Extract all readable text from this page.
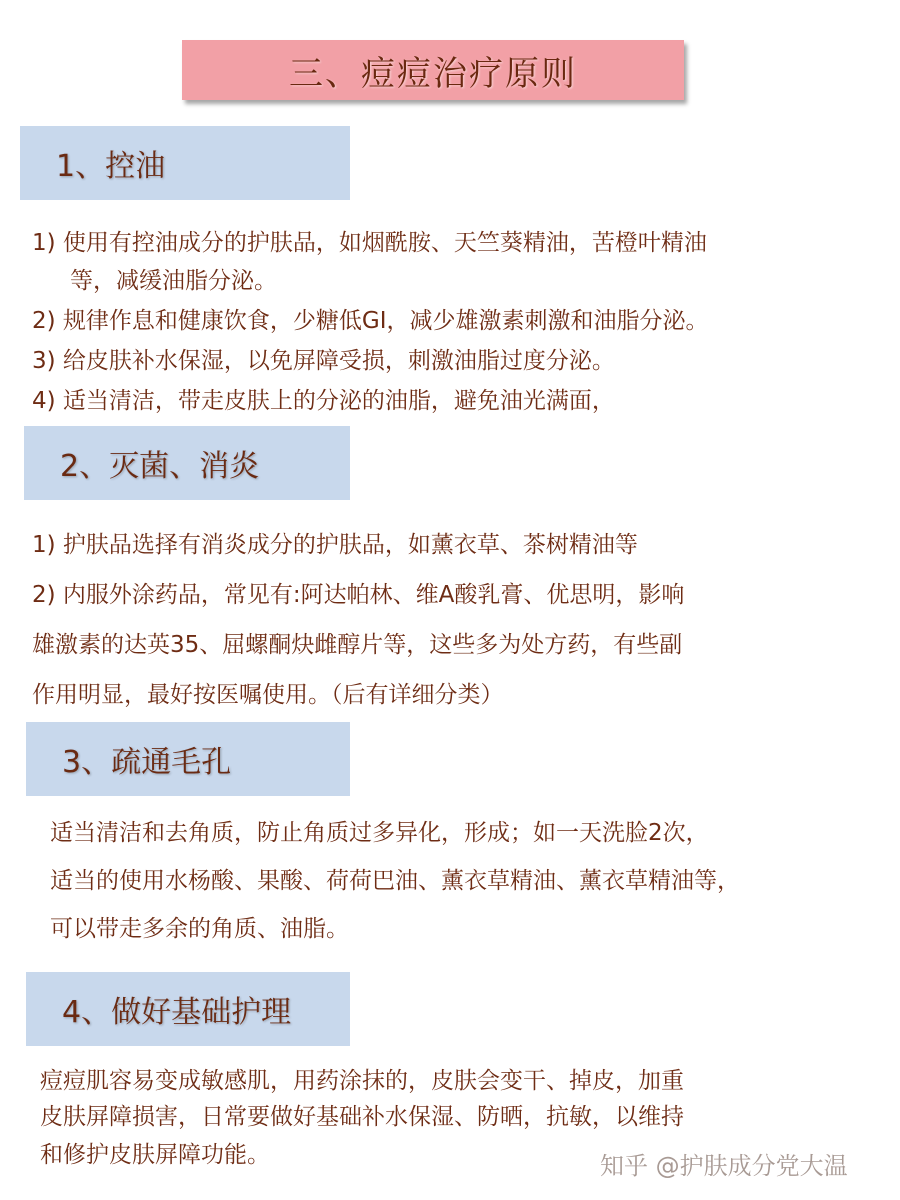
三、痘痘治疗原则
1、控油
1) 使用有控油成分的护肤品，如烟酰胺、天竺葵精油，苦橙叶精油
等，减缓油脂分泌。
2) 规律作息和健康饮食，少糖低GI，减少雄激素刺激和油脂分泌。
3) 给皮肤补水保湿，以免屏障受损，刺激油脂过度分泌。
4) 适当清洁，带走皮肤上的分泌的油脂，避免油光满面，
2、灭菌、消炎
1) 护肤品选择有消炎成分的护肤品，如薰衣草、茶树精油等
2) 内服外涂药品，常见有:阿达帕林、维A酸乳膏、优思明，影响
雄激素的达英35、屈螺酮炔雌醇片等，这些多为处方药，有些副
作用明显，最好按医嘱使用。（后有详细分类）
3、疏通毛孔
适当清洁和去角质，防止角质过多异化，形成；如一天洗脸2次，
适当的使用水杨酸、果酸、荷荷巴油、薰衣草精油、薰衣草精油等，
可以带走多余的角质、油脂。
4、做好基础护理
痘痘肌容易变成敏感肌，用药涂抹的，皮肤会变干、掉皮，加重
皮肤屏障损害，日常要做好基础补水保湿、防晒，抗敏，以维持
和修护皮肤屏障功能。	知乎 @护肤成分党大温
